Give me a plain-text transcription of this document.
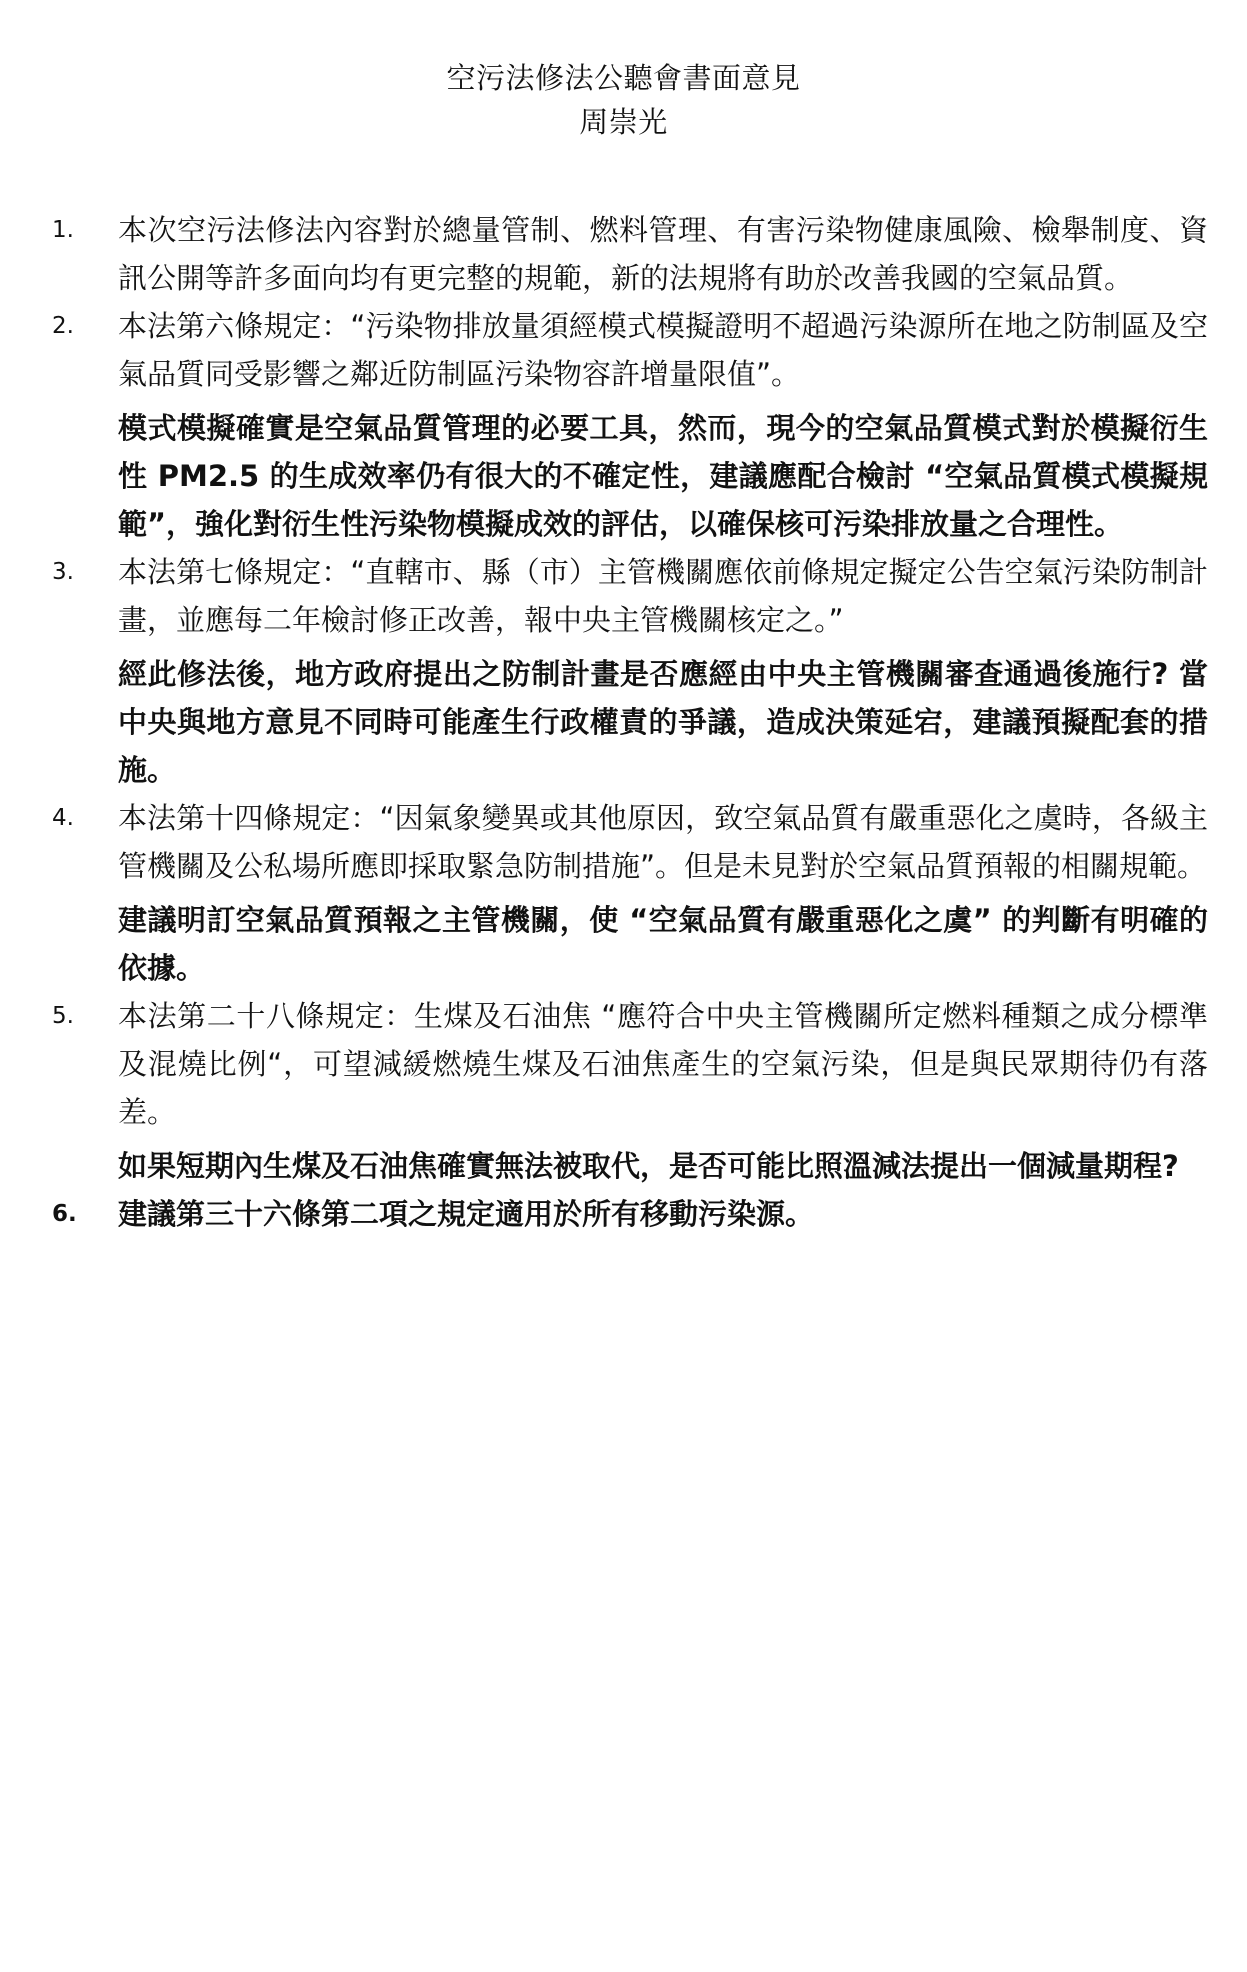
空污法修法公聽會書面意見
周崇光
1. 本次空污法修法內容對於總量管制、燃料管理、有害污染物健康風險、檢舉制度、資訊公開等許多面向均有更完整的規範，新的法規將有助於改善我國的空氣品質。

2. 本法第六條規定：“污染物排放量須經模式模擬證明不超過污染源所在地之防制區及空氣品質同受影響之鄰近防制區污染物容許增量限值”。

模式模擬確實是空氣品質管理的必要工具，然而，現今的空氣品質模式對於模擬衍生性 PM2.5 的生成效率仍有很大的不確定性，建議應配合檢討 “空氣品質模式模擬規範”，強化對衍生性污染物模擬成效的評估，以確保核可污染排放量之合理性。

3. 本法第七條規定：“直轄市、縣（市）主管機關應依前條規定擬定公告空氣污染防制計畫，並應每二年檢討修正改善，報中央主管機關核定之。”

經此修法後，地方政府提出之防制計畫是否應經由中央主管機關審查通過後施行? 當中央與地方意見不同時可能產生行政權責的爭議，造成決策延宕，建議預擬配套的措施。

4. 本法第十四條規定：“因氣象變異或其他原因，致空氣品質有嚴重惡化之虞時，各級主管機關及公私場所應即採取緊急防制措施”。但是未見對於空氣品質預報的相關規範。

建議明訂空氣品質預報之主管機關，使 “空氣品質有嚴重惡化之虞” 的判斷有明確的依據。

5. 本法第二十八條規定：生煤及石油焦 “應符合中央主管機關所定燃料種類之成分標準及混燒比例“，可望減緩燃燒生煤及石油焦產生的空氣污染，但是與民眾期待仍有落差。

如果短期內生煤及石油焦確實無法被取代，是否可能比照溫減法提出一個減量期程?

6. 建議第三十六條第二項之規定適用於所有移動污染源。
